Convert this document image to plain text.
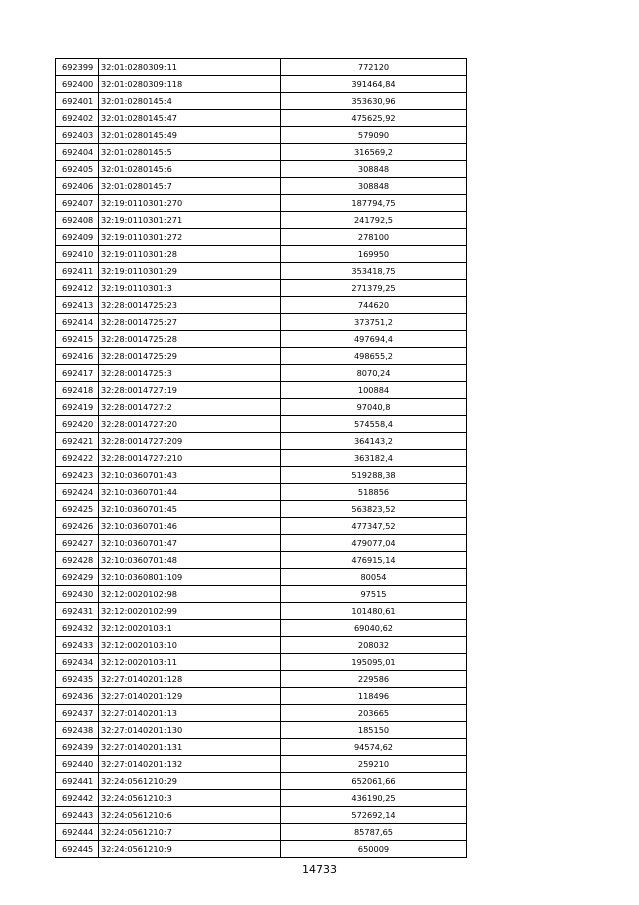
692399	32:01:0280309:11	772120
692400	32:01:0280309:118	391464,84
692401	32:01:0280145:4	353630,96
692402	32:01:0280145:47	475625,92
692403	32:01:0280145:49	579090
692404	32:01:0280145:5	316569,2
692405	32:01:0280145:6	308848
692406	32:01:0280145:7	308848
692407	32:19:0110301:270	187794,75
692408	32:19:0110301:271	241792,5
692409	32:19:0110301:272	278100
692410	32:19:0110301:28	169950
692411	32:19:0110301:29	353418,75
692412	32:19:0110301:3	271379,25
692413	32:28:0014725:23	744620
692414	32:28:0014725:27	373751,2
692415	32:28:0014725:28	497694,4
692416	32:28:0014725:29	498655,2
692417	32:28:0014725:3	8070,24
692418	32:28:0014727:19	100884
692419	32:28:0014727:2	97040,8
692420	32:28:0014727:20	574558,4
692421	32:28:0014727:209	364143,2
692422	32:28:0014727:210	363182,4
692423	32:10:0360701:43	519288,38
692424	32:10:0360701:44	518856
692425	32:10:0360701:45	563823,52
692426	32:10:0360701:46	477347,52
692427	32:10:0360701:47	479077,04
692428	32:10:0360701:48	476915,14
692429	32:10:0360801:109	80054
692430	32:12:0020102:98	97515
692431	32:12:0020102:99	101480,61
692432	32:12:0020103:1	69040,62
692433	32:12:0020103:10	208032
692434	32:12:0020103:11	195095,01
692435	32:27:0140201:128	229586
692436	32:27:0140201:129	118496
692437	32:27:0140201:13	203665
692438	32:27:0140201:130	185150
692439	32:27:0140201:131	94574,62
692440	32:27:0140201:132	259210
692441	32:24:0561210:29	652061,66
692442	32:24:0561210:3	436190,25
692443	32:24:0561210:6	572692,14
692444	32:24:0561210:7	85787,65
692445	32:24:0561210:9	650009
14733
